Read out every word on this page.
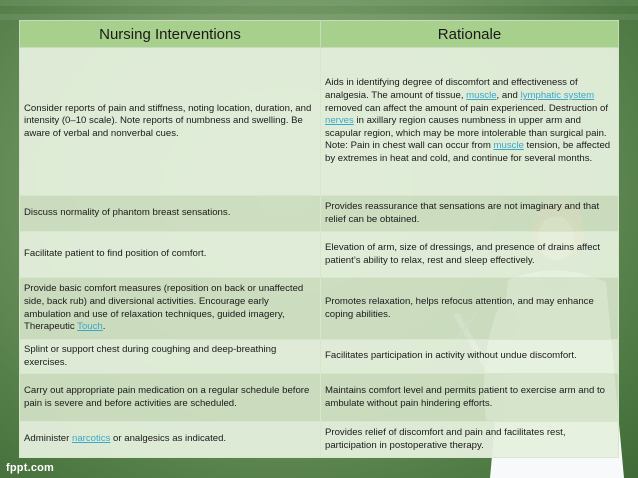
Nursing Interventions	Rationale
Consider reports of pain and stiffness, noting location, duration, and intensity (0–10 scale). Note reports of numbness and swelling. Be aware of verbal and nonverbal cues.	Aids in identifying degree of discomfort and effectiveness of analgesia. The amount of tissue, muscle, and lymphatic system removed can affect the amount of pain experienced. Destruction of nerves in axillary region causes numbness in upper arm and scapular region, which may be more intolerable than surgical pain. Note: Pain in chest wall can occur from muscle tension, be affected by extremes in heat and cold, and continue for several months.
Discuss normality of phantom breast sensations.	Provides reassurance that sensations are not imaginary and that relief can be obtained.
Facilitate patient to find position of comfort.	Elevation of arm, size of dressings, and presence of drains affect patient’s ability to relax, rest and sleep effectively.
Provide basic comfort measures (reposition on back or unaffected side, back rub) and diversional activities. Encourage early ambulation and use of relaxation techniques, guided imagery, Therapeutic Touch.	Promotes relaxation, helps refocus attention, and may enhance coping abilities.
Splint or support chest during coughing and deep-breathing exercises.	Facilitates participation in activity without undue discomfort.
Carry out appropriate pain medication on a regular schedule before pain is severe and before activities are scheduled.	Maintains comfort level and permits patient to exercise arm and to ambulate without pain hindering efforts.
Administer narcotics or analgesics as indicated.	Provides relief of discomfort and pain and facilitates rest, participation in postoperative therapy.
fppt.com
